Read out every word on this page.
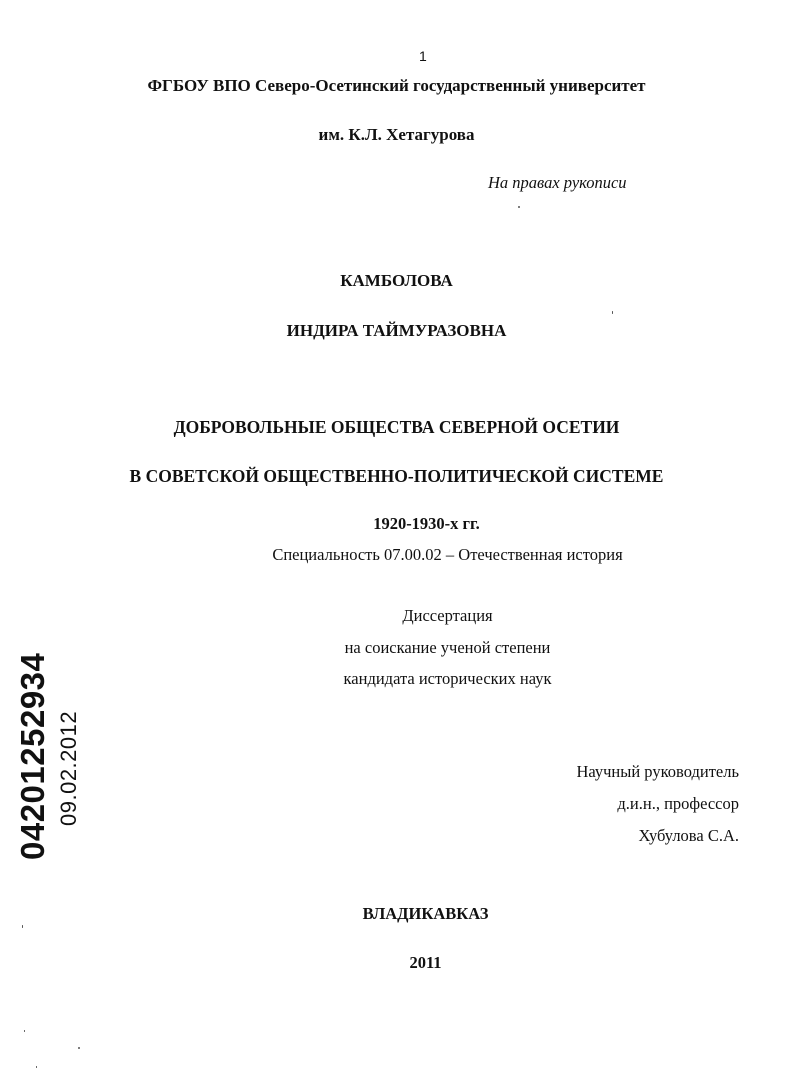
1
ФГБОУ ВПО Северо-Осетинский государственный университет
им. К.Л. Хетагурова
На правах рукописи
КАМБОЛОВА
ИНДИРА ТАЙМУРАЗОВНА
ДОБРОВОЛЬНЫЕ ОБЩЕСТВА СЕВЕРНОЙ ОСЕТИИ
В СОВЕТСКОЙ ОБЩЕСТВЕННО-ПОЛИТИЧЕСКОЙ СИСТЕМЕ
1920-1930-х гг.
Специальность 07.00.02 – Отечественная история
Диссертация
на соискание ученой степени
кандидата исторических наук
Научный руководитель
д.и.н., профессор
Хубулова С.А.
ВЛАДИКАВКАЗ
2011
04201252934 09.02.2012
